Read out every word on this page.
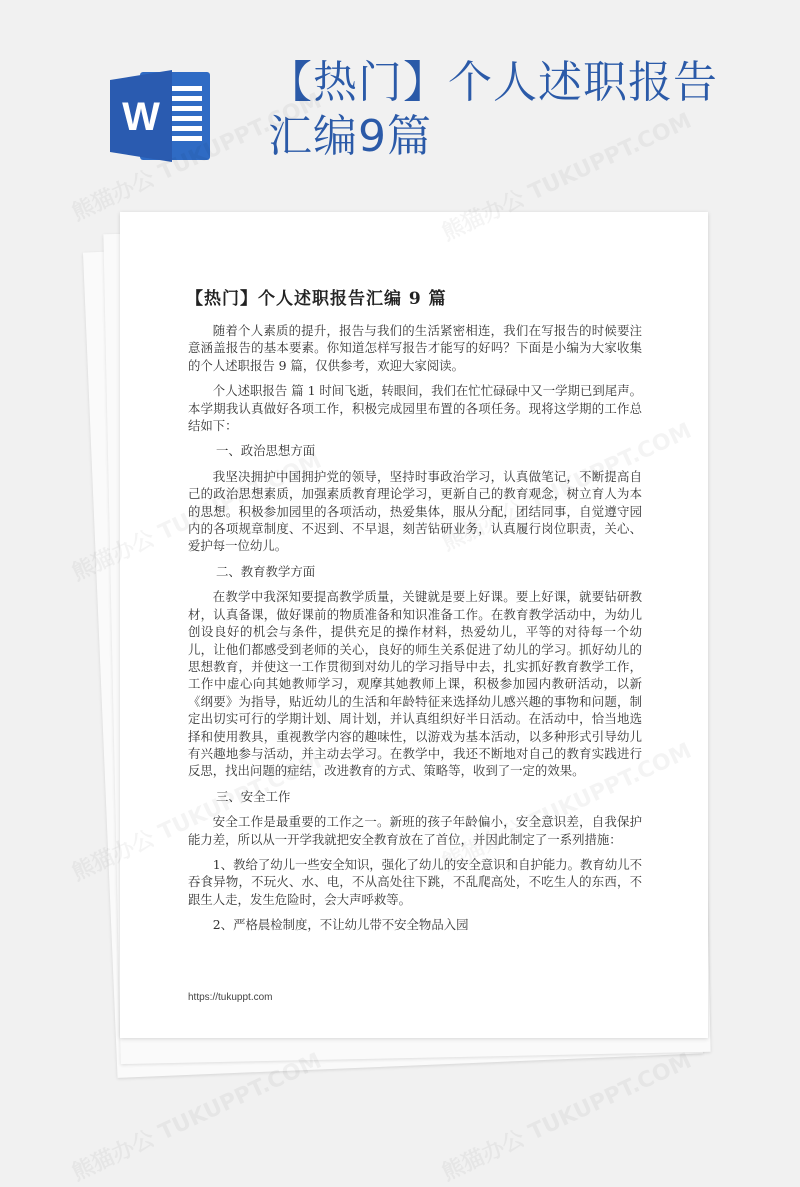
W
【热门】个人述职报告汇编9篇
【热门】个人述职报告汇编 9 篇
随着个人素质的提升，报告与我们的生活紧密相连，我们在写报告的时候要注意涵盖报告的基本要素。你知道怎样写报告才能写的好吗？下面是小编为大家收集的个人述职报告 9 篇，仅供参考，欢迎大家阅读。
个人述职报告 篇 1 时间飞逝，转眼间，我们在忙忙碌碌中又一学期已到尾声。本学期我认真做好各项工作，积极完成园里布置的各项任务。现将这学期的工作总结如下：
一、政治思想方面
我坚决拥护中国拥护党的领导，坚持时事政治学习，认真做笔记，不断提高自己的政治思想素质，加强素质教育理论学习，更新自己的教育观念，树立育人为本的思想。积极参加园里的各项活动，热爱集体，服从分配，团结同事，自觉遵守园内的各项规章制度、不迟到、不早退，刻苦钻研业务，认真履行岗位职责，关心、爱护每一位幼儿。
二、教育教学方面
在教学中我深知要提高教学质量，关键就是要上好课。要上好课，就要钻研教材，认真备课，做好课前的物质准备和知识准备工作。在教育教学活动中，为幼儿创设良好的机会与条件，提供充足的操作材料，热爱幼儿，平等的对待每一个幼儿，让他们都感受到老师的关心，良好的师生关系促进了幼儿的学习。抓好幼儿的思想教育，并使这一工作贯彻到对幼儿的学习指导中去，扎实抓好教育教学工作，工作中虚心向其她教师学习，观摩其她教师上课，积极参加园内教研活动，以新《纲要》为指导，贴近幼儿的生活和年龄特征来选择幼儿感兴趣的事物和问题，制定出切实可行的学期计划、周计划，并认真组织好半日活动。在活动中，恰当地选择和使用教具，重视教学内容的趣味性，以游戏为基本活动，以多种形式引导幼儿有兴趣地参与活动，并主动去学习。在教学中，我还不断地对自己的教育实践进行反思，找出问题的症结，改进教育的方式、策略等，收到了一定的效果。
三、安全工作
安全工作是最重要的工作之一。新班的孩子年龄偏小，安全意识差，自我保护能力差，所以从一开学我就把安全教育放在了首位，并因此制定了一系列措施：
1、教给了幼儿一些安全知识，强化了幼儿的安全意识和自护能力。教育幼儿不吞食异物，不玩火、水、电，不从高处往下跳，不乱爬高处，不吃生人的东西，不跟生人走，发生危险时，会大声呼救等。
2、严格晨检制度，不让幼儿带不安全物品入园
https://tukuppt.com
